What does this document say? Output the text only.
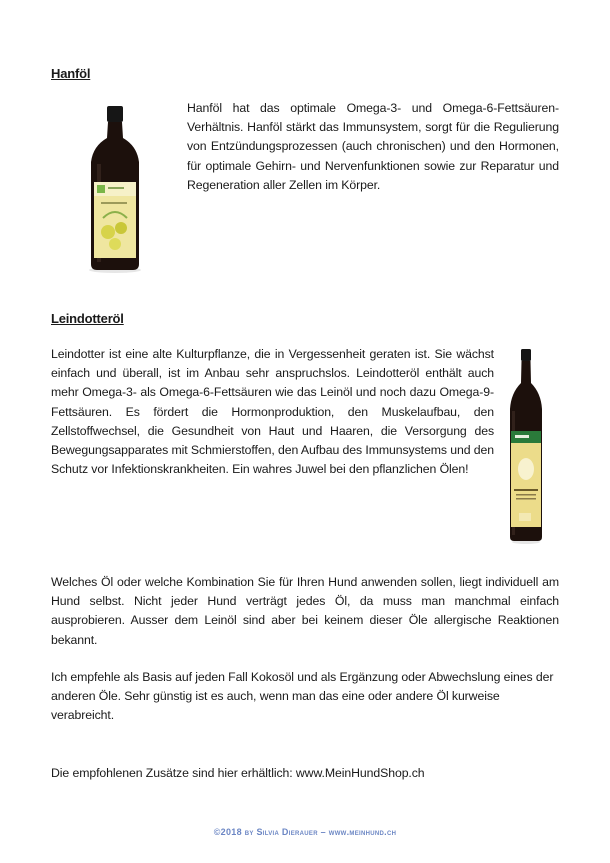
Hanföl

Hanföl hat das optimale Omega-3- und Omega-6-Fettsäuren-Verhältnis. Hanföl stärkt das Immunsystem, sorgt für die Regulierung von Entzündungsprozessen (auch chronischen) und den Hormonen, für optimale Gehirn- und Nervenfunktionen sowie zur Reparatur und Regeneration aller Zellen im Körper.

Leindotteröl

Leindotter ist eine alte Kulturpflanze, die in Vergessenheit geraten ist. Sie wächst einfach und überall, ist im Anbau sehr anspruchslos. Leindotteröl enthält auch mehr Omega-3- als Omega-6-Fettsäuren wie das Leinöl und noch dazu Omega-9-Fettsäuren. Es fördert die Hormonproduktion, den Muskelaufbau, den Zellstoffwechsel, die Gesundheit von Haut und Haaren, die Versorgung des Bewegungsapparates mit Schmierstoffen, den Aufbau des Immunsystems und den Schutz vor Infektionskrankheiten. Ein wahres Juwel bei den pflanzlichen Ölen!

Welches Öl oder welche Kombination Sie für Ihren Hund anwenden sollen, liegt individuell am Hund selbst. Nicht jeder Hund verträgt jedes Öl, da muss man manchmal einfach ausprobieren. Ausser dem Leinöl sind aber bei keinem dieser Öle allergische Reaktionen bekannt.

Ich empfehle als Basis auf jeden Fall Kokosöl und als Ergänzung oder Abwechslung eines der anderen Öle. Sehr günstig ist es auch, wenn man das eine oder andere Öl kurweise verabreicht.

Die empfohlenen Zusätze sind hier erhältlich: www.MeinHundShop.ch

©2018 by Silvia Dierauer – www.meinhund.ch
